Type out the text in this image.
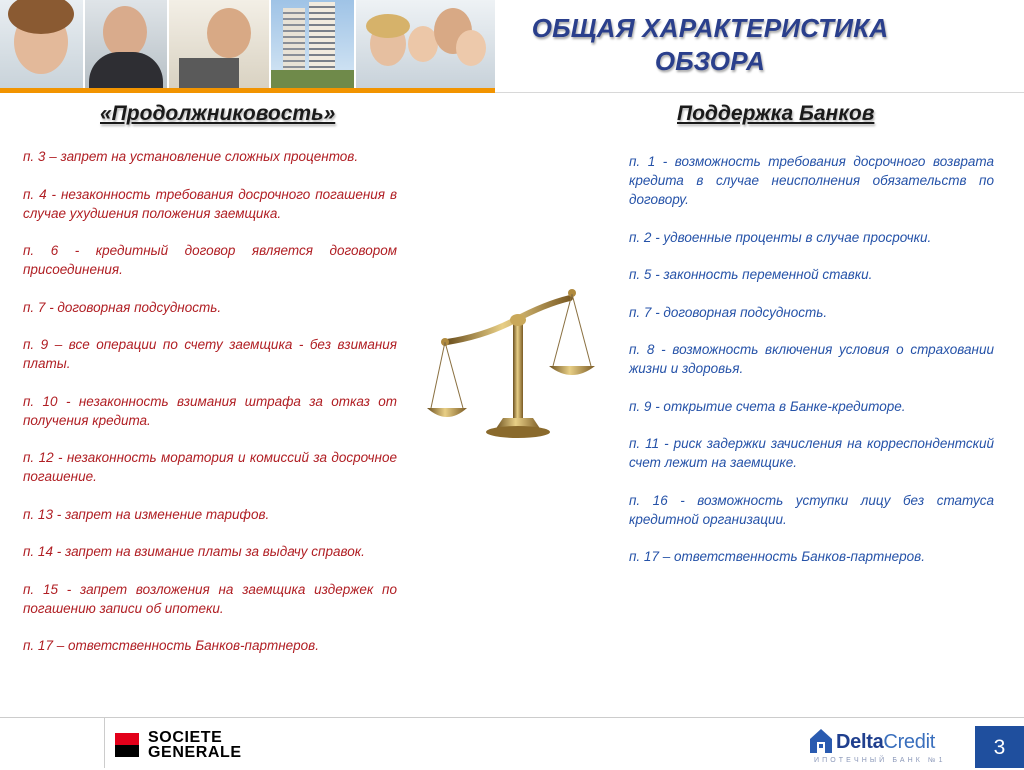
ОБЩАЯ ХАРАКТЕРИСТИКА
ОБЗОРА
«Продолжниковость»	Поддержка Банков

п. 3 – запрет на установление сложных процентов.

п. 4 - незаконность требования досрочного погашения в случае ухудшения положения заемщика.

п. 6 - кредитный договор является договором присоединения.

п. 7 - договорная подсудность.

п. 9 – все операции по счету заемщика - без взимания платы.

п. 10 - незаконность взимания штрафа за отказ от получения кредита.

п. 12 - незаконность моратория и комиссий за досрочное погашение.

п. 13 - запрет на изменение тарифов.

п. 14 - запрет на взимание платы за выдачу справок.

п. 15 - запрет возложения на заемщика издержек по погашению записи об ипотеки.

п. 17 – ответственность Банков-партнеров.

п. 1 - возможность требования досрочного возврата кредита в случае неисполнения обязательств по договору.

п. 2 - удвоенные проценты в случае просрочки.

п. 5 - законность переменной ставки.

п. 7 - договорная подсудность.

п. 8 - возможность включения условия о страховании жизни и здоровья.

п. 9 - открытие счета в Банке-кредиторе.

п. 11 - риск задержки зачисления на корреспондентский счет лежит на заемщике.

п. 16 - возможность уступки лицу без статуса кредитной организации.

п. 17 – ответственность Банков-партнеров.

SOCIETE
GENERALE	DeltaCredit
ИПОТЕЧНЫЙ БАНК №1
3
